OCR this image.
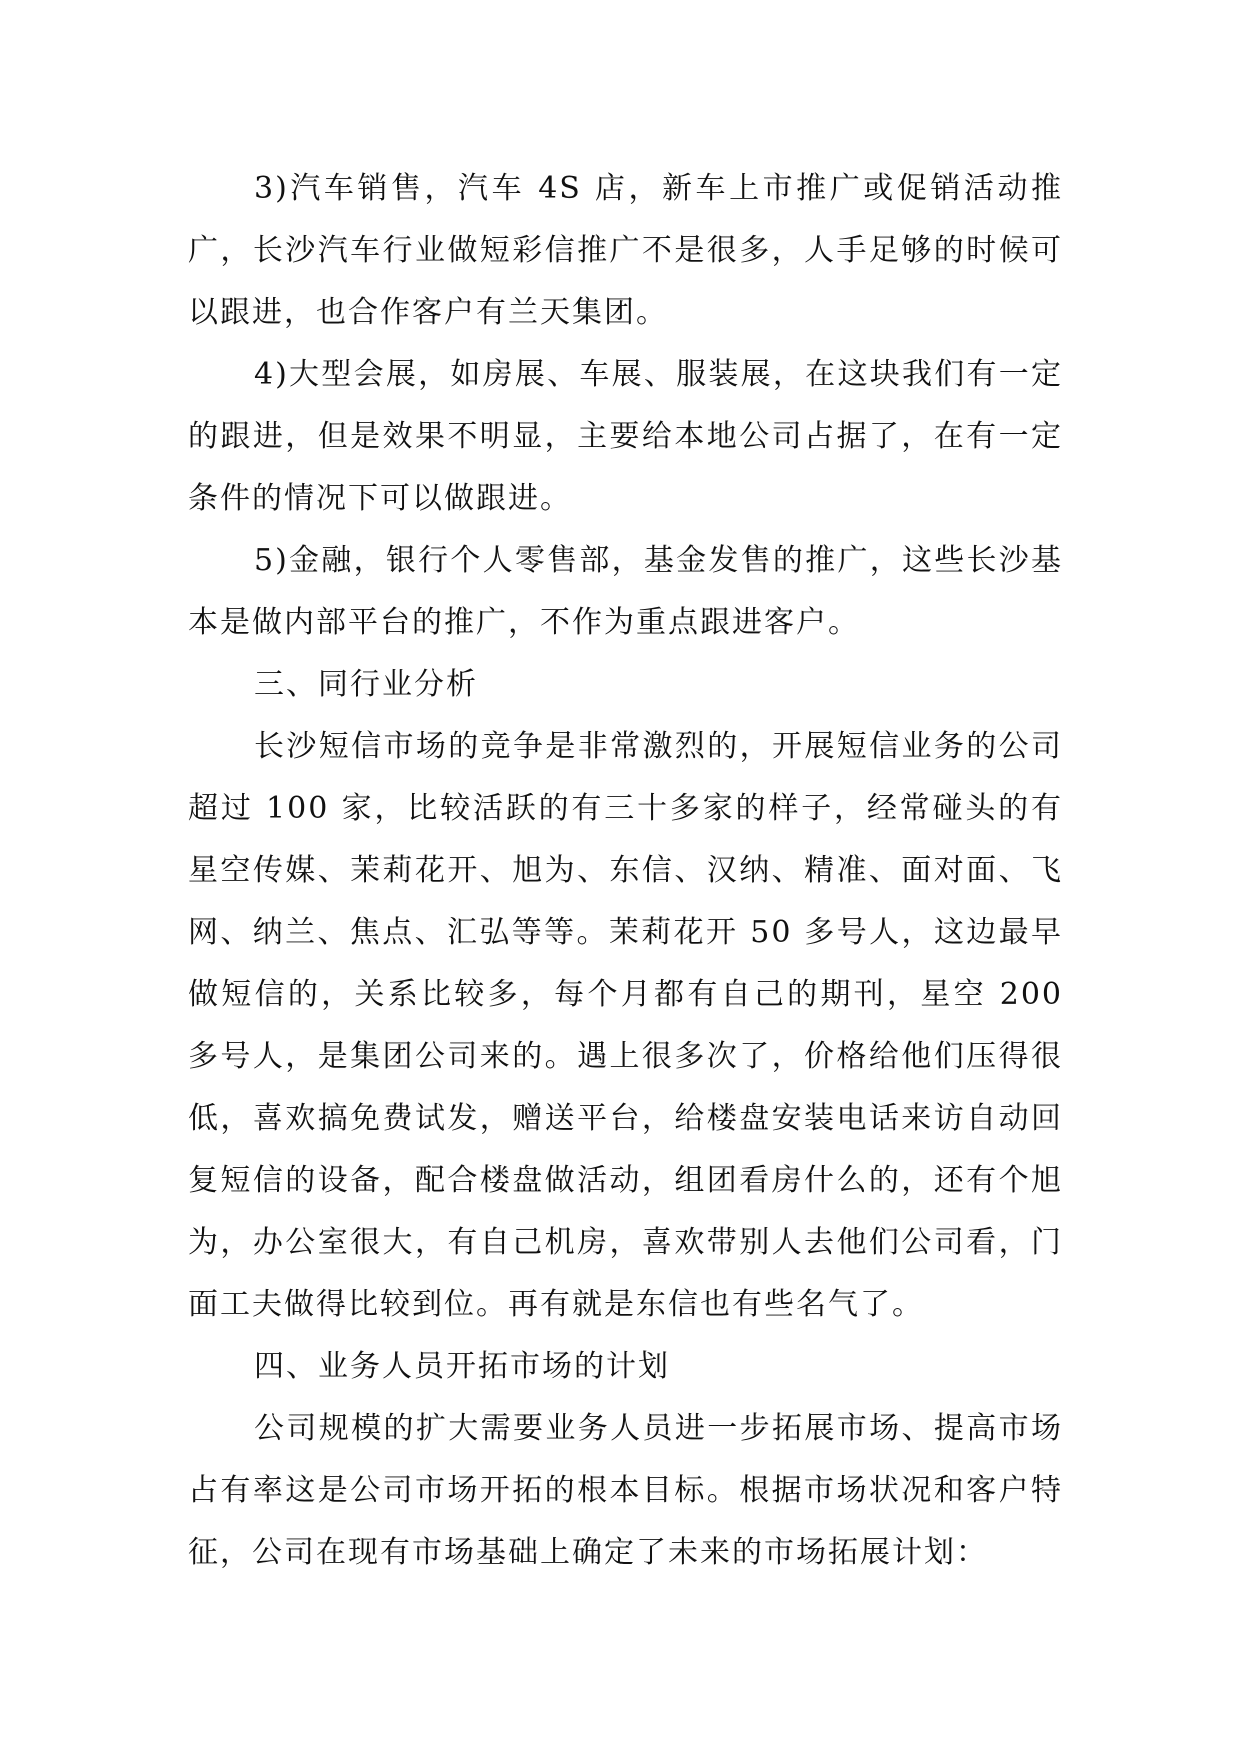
3)汽车销售，汽车 4S 店，新车上市推广或促销活动推广，长沙汽车行业做短彩信推广不是很多，人手足够的时候可以跟进，也合作客户有兰天集团。

4)大型会展，如房展、车展、服装展，在这块我们有一定的跟进，但是效果不明显，主要给本地公司占据了，在有一定条件的情况下可以做跟进。

5)金融，银行个人零售部，基金发售的推广，这些长沙基本是做内部平台的推广，不作为重点跟进客户。

三、同行业分析

长沙短信市场的竞争是非常激烈的，开展短信业务的公司超过 100 家，比较活跃的有三十多家的样子，经常碰头的有星空传媒、茉莉花开、旭为、东信、汉纳、精准、面对面、飞网、纳兰、焦点、汇弘等等。茉莉花开 50 多号人，这边最早做短信的，关系比较多，每个月都有自己的期刊，星空 200 多号人，是集团公司来的。遇上很多次了，价格给他们压得很低，喜欢搞免费试发，赠送平台，给楼盘安装电话来访自动回复短信的设备，配合楼盘做活动，组团看房什么的，还有个旭为，办公室很大，有自己机房，喜欢带别人去他们公司看，门面工夫做得比较到位。再有就是东信也有些名气了。

四、业务人员开拓市场的计划

公司规模的扩大需要业务人员进一步拓展市场、提高市场占有率这是公司市场开拓的根本目标。根据市场状况和客户特征，公司在现有市场基础上确定了未来的市场拓展计划：
